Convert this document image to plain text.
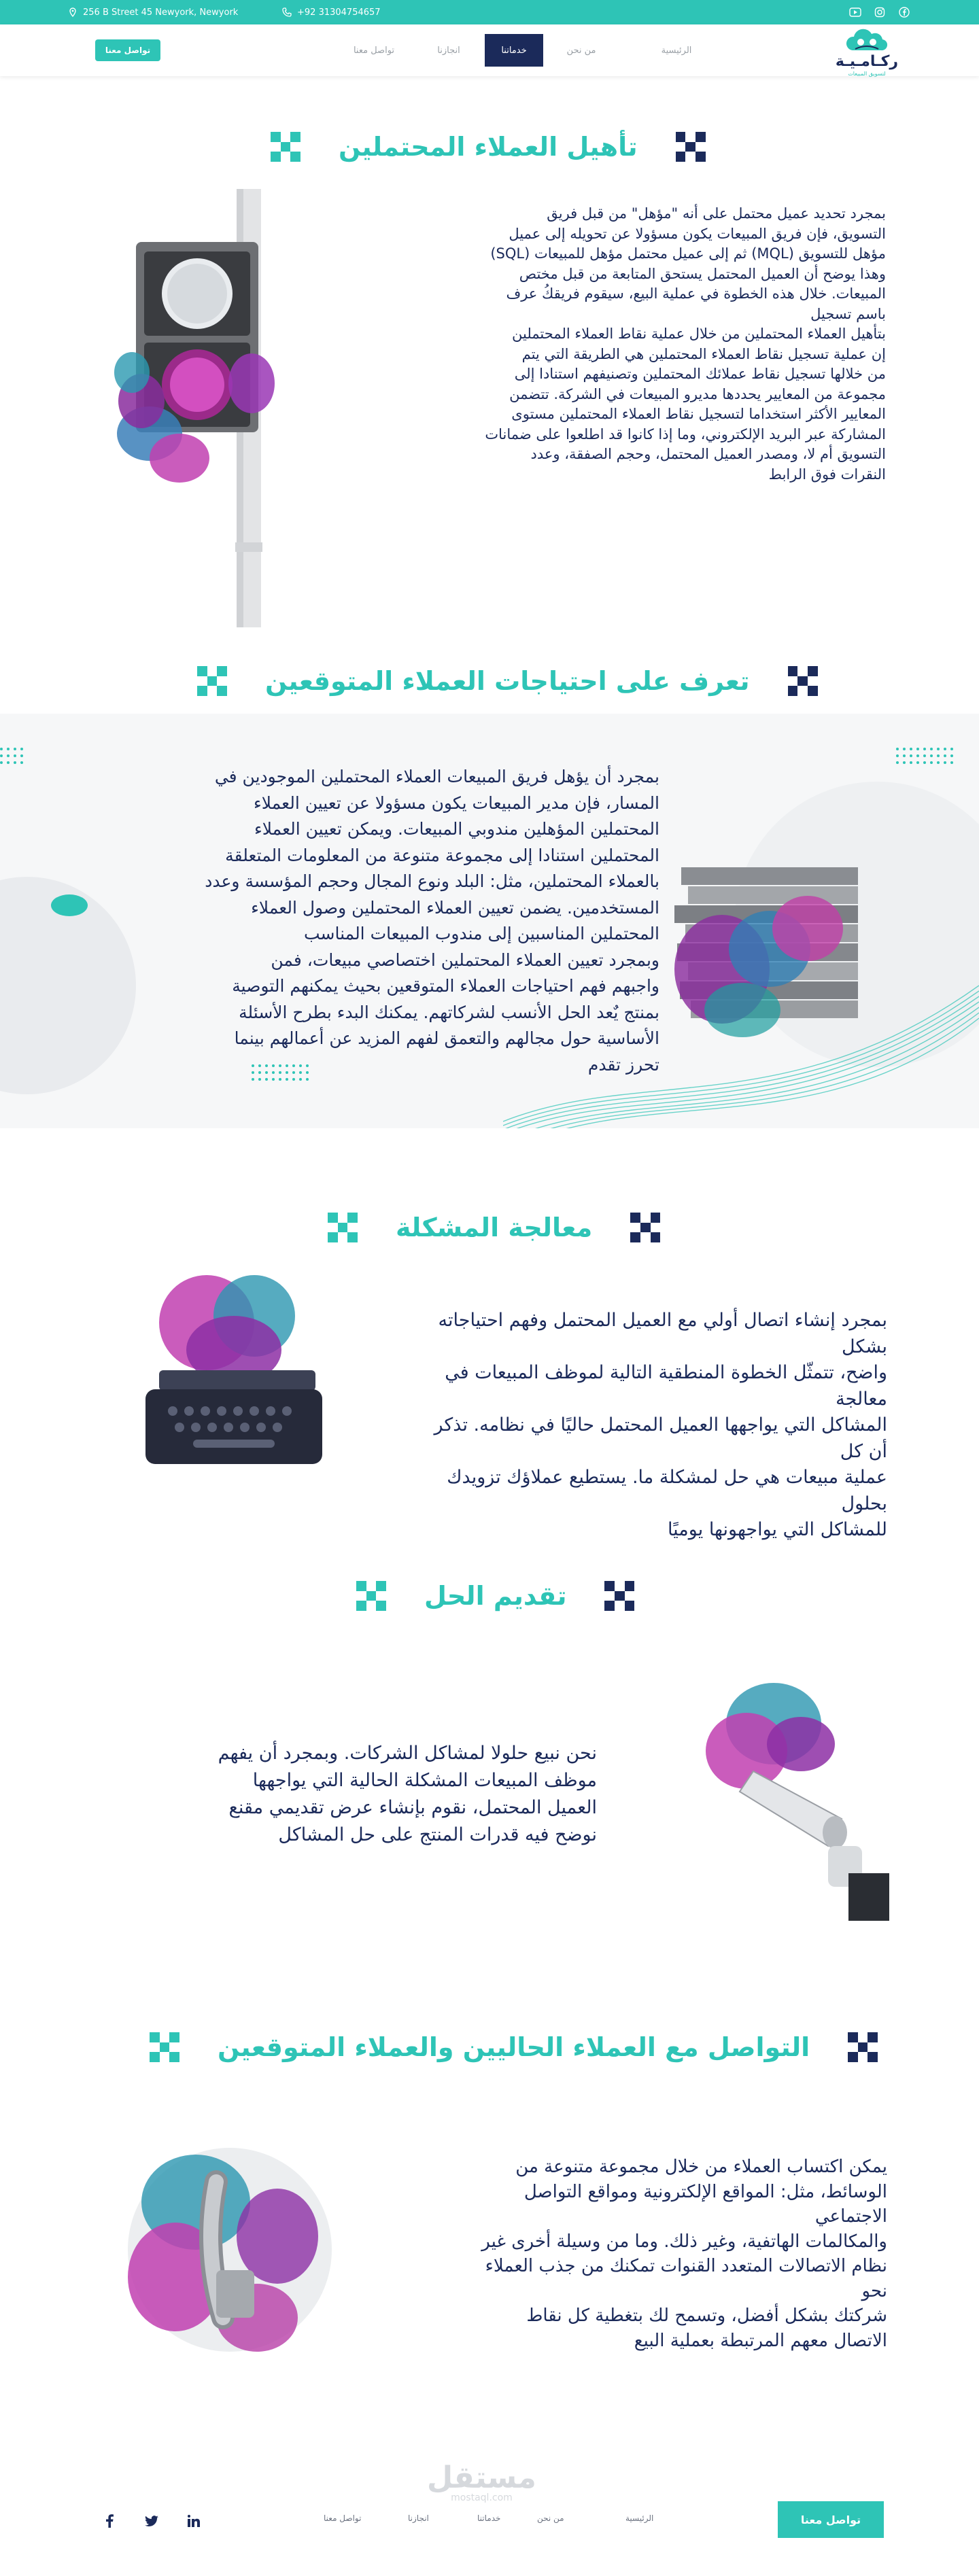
256 B Street 45 Newyork, Newyork	+92 31304754657
ركـامـيـة
لتسويق المبيعات
الرئيسية
من نحن
خدماتنا
انجازنا
تواصل معنا
تواصل معنا
تأهيل العملاء المحتملين

بمجرد تحديد عميل محتمل على أنه "مؤهل" من قبل فريق

التسويق، فإن فريق المبيعات يكون مسؤولا عن تحويله إلى عميل

مؤهل للتسويق (MQL) ثم إلى عميل محتمل مؤهل للمبيعات (SQL)

وهذا يوضح أن العميل المحتمل يستحق المتابعة من قبل مختص

المبيعات. خلال هذه الخطوة في عملية البيع، سيقوم فريقكُ عرف باسم تسجيل

بتأهيل العملاء المحتملين من خلال عملية نقاط العملاء المحتملين

إن عملية تسجيل نقاط العملاء المحتملين هي الطريقة التي يتم

من خلالها تسجيل نقاط عملائك المحتملين وتصنيفهم استنادا إلى

مجموعة من المعايير يحددها مديرو المبيعات في الشركة. تتضمن

المعايير الأكثر استخداما لتسجيل نقاط العملاء المحتملين مستوى

المشاركة عبر البريد الإلكتروني، وما إذا كانوا قد اطلعوا على ضمانات

التسويق أم لا، ومصدر العميل المحتمل، وحجم الصفقة، وعدد

النقرات فوق الرابط

تعرف على احتياجات العملاء المتوقعين

بمجرد أن يؤهل فريق المبيعات العملاء المحتملين الموجودين في

المسار، فإن مدير المبيعات يكون مسؤولا عن تعيين العملاء

المحتملين المؤهلين مندوبي المبيعات. ويمكن تعيين العملاء

المحتملين استنادا إلى مجموعة متنوعة من المعلومات المتعلقة

بالعملاء المحتملين، مثل: البلد ونوع المجال وحجم المؤسسة وعدد

المستخدمين. يضمن تعيين العملاء المحتملين وصول العملاء

المحتملين المناسبين إلى مندوب المبيعات المناسب

وبمجرد تعيين العملاء المحتملين اختصاصي مبيعات، فمن

واجبهم فهم احتياجات العملاء المتوقعين بحيث يمكنهم التوصية

بمنتج يٌعد الحل الأنسب لشركاتهم. يمكنك البدء بطرح الأسئلة

الأساسية حول مجالهم والتعمق لفهم المزيد عن أعمالهم بينما

تحرز تقدم

معالجة المشكلة

بمجرد إنشاء اتصال أولي مع العميل المحتمل وفهم احتياجاته

بشكل

واضح، تتمثّل الخطوة المنطقية التالية لموظف المبيعات في

معالجة

المشاكل التي يواجهها العميل المحتمل حاليًا في نظامه. تذكر

أن كل

عملية مبيعات هي حل لمشكلة ما. يستطيع عملاؤك تزويدك

بحلول

للمشاكل التي يواجهونها يوميًا

تقديم الحل

نحن نبيع حلولا لمشاكل الشركات. وبمجرد أن يفهم

موظف المبيعات المشكلة الحالية التي يواجهها

العميل المحتمل، نقوم بإنشاء عرض تقديمي مقنع

نوضح فيه قدرات المنتج على حل المشاكل

التواصل مع العملاء الحاليين والعملاء المتوقعين

يمكن اكتساب العملاء من خلال مجموعة متنوعة من

الوسائط، مثل: المواقع الإلكترونية ومواقع التواصل

الاجتماعي

والمكالمات الهاتفية، وغير ذلك. وما من وسيلة أخرى غير

نظام الاتصالات المتعدد القنوات تمكنك من جذب العملاء

نحو

شركتك بشكل أفضل، وتسمح لك بتغطية كل نقاط

الاتصال معهم المرتبطة بعملية البيع

مستقل
mostaql.com
تواصل معنا
الرئيسية
من نحن
خدماتنا
انجازنا
تواصل معنا
